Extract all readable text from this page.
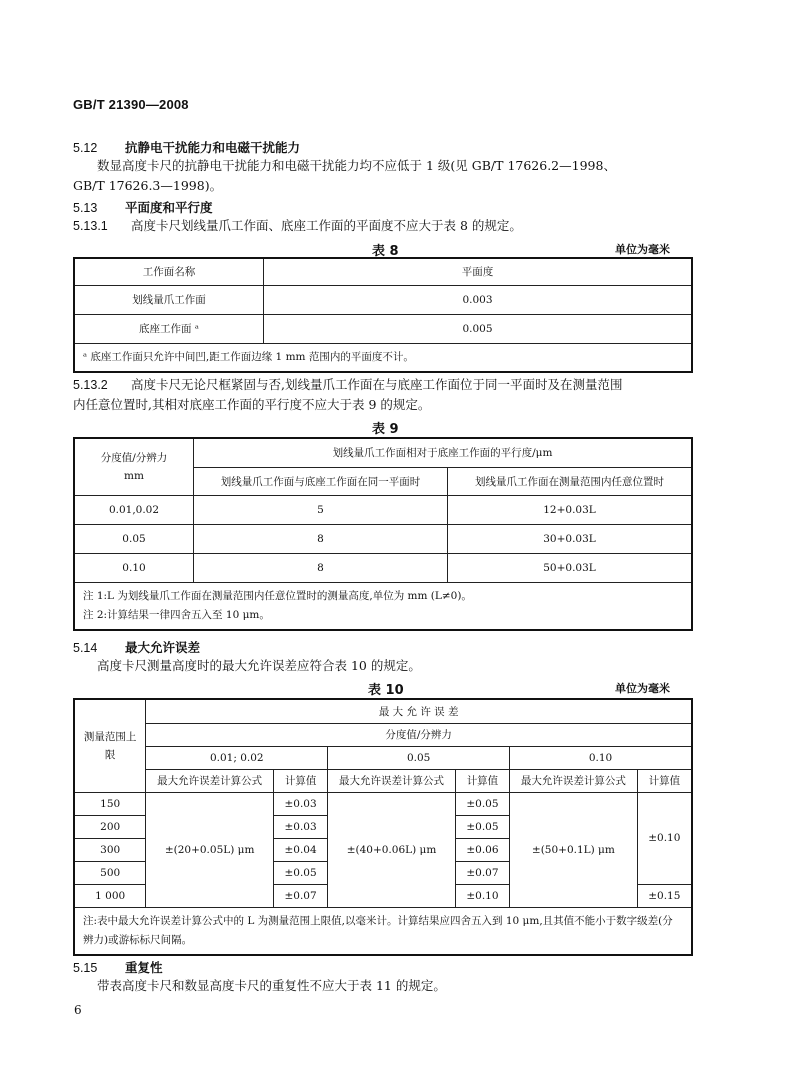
GB/T 21390—2008
5.12 抗静电干扰能力和电磁干扰能力
数显高度卡尺的抗静电干扰能力和电磁干扰能力均不应低于 1 级(见 GB/T 17626.2—1998、
GB/T 17626.3—1998)。
5.13 平面度和平行度
5.13.1 高度卡尺划线量爪工作面、底座工作面的平面度不应大于表 8 的规定。
表 8	单位为毫米
工作面名称	平面度
划线量爪工作面	0.003
底座工作面 ᵃ	0.005
ᵃ 底座工作面只允许中间凹,距工作面边缘 1 mm 范围内的平面度不计。	
5.13.2 高度卡尺无论尺框紧固与否,划线量爪工作面在与底座工作面位于同一平面时及在测量范围
内任意位置时,其相对底座工作面的平行度不应大于表 9 的规定。
表 9
分度值/分辨力
mm	划线量爪工作面相对于底座工作面的平行度/μm	
	划线量爪工作面与底座工作面在同一平面时	划线量爪工作面在测量范围内任意位置时
0.01,0.02	5	12+0.03L
0.05	8	30+0.03L
0.10	8	50+0.03L

注 1:L 为划线量爪工作面在测量范围内任意位置时的测量高度,单位为 mm (L≠0)。
注 2:计算结果一律四舍五入至 10 μm。		
5.14 最大允许误差
高度卡尺测量高度时的最大允许误差应符合表 10 的规定。
表 10	单位为毫米
测量范围上限	最 大 允 许 误 差					
	分度值/分辨力					
	0.01; 0.02		0.05		0.10	
	最大允许误差计算公式	计算值	最大允许误差计算公式	计算值	最大允许误差计算公式	计算值
150	±(20+0.05L) μm	±0.03	±(40+0.06L) μm	±0.05	±(50+0.1L) μm	±0.10
200		±0.03		±0.05		
300		±0.04		±0.06		
500		±0.05		±0.07		
1 000		±0.07		±0.10		±0.15
注:表中最大允许误差计算公式中的 L 为测量范围上限值,以毫米计。计算结果应四舍五入到 10 μm,且其值不能小于数字级差(分辨力)或游标标尺间隔。						
5.15 重复性
带表高度卡尺和数显高度卡尺的重复性不应大于表 11 的规定。
6
